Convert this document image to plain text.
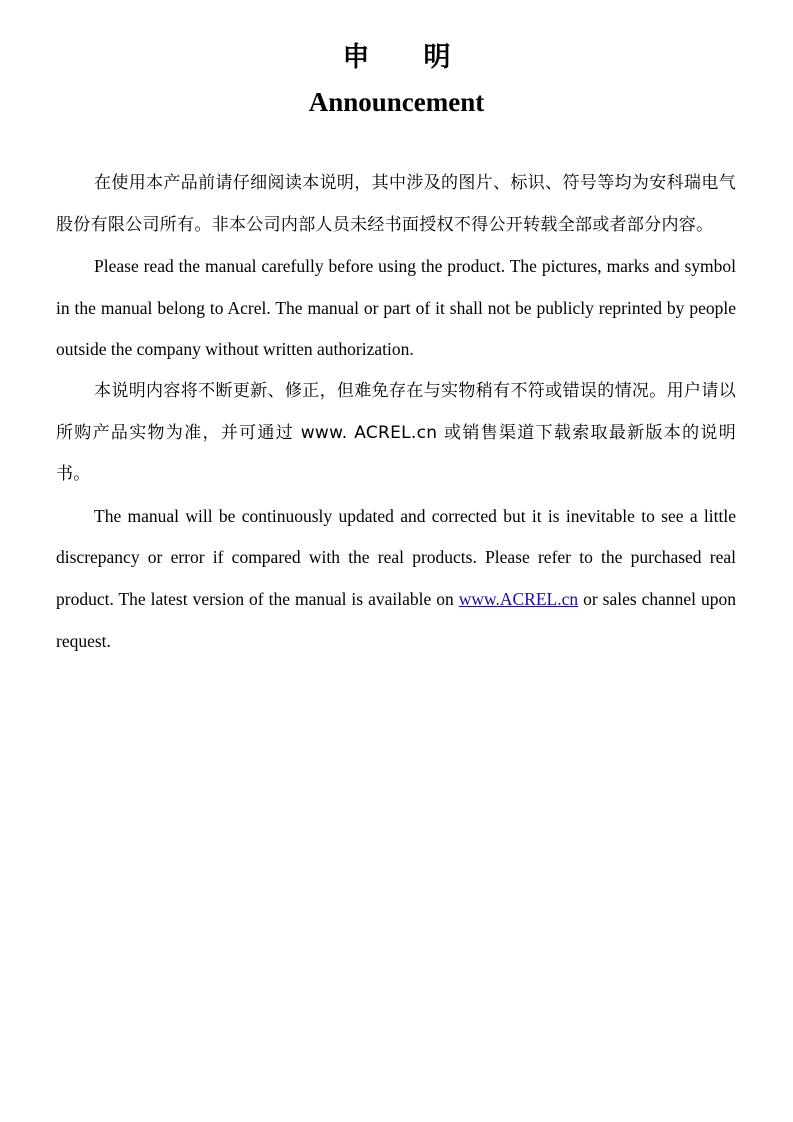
申 明
Announcement

在使用本产品前请仔细阅读本说明，其中涉及的图片、标识、符号等均为安科瑞电气股份有限公司所有。非本公司内部人员未经书面授权不得公开转载全部或者部分内容。

Please read the manual carefully before using the product. The pictures, marks and symbol in the manual belong to Acrel. The manual or part of it shall not be publicly reprinted by people outside the company without written authorization.

本说明内容将不断更新、修正，但难免存在与实物稍有不符或错误的情况。用户请以所购产品实物为准，并可通过 www. ACREL.cn 或销售渠道下载索取最新版本的说明书。

The manual will be continuously updated and corrected but it is inevitable to see a little discrepancy or error if compared with the real products. Please refer to the purchased real product. The latest version of the manual is available on www.ACREL.cn or sales channel upon request.
